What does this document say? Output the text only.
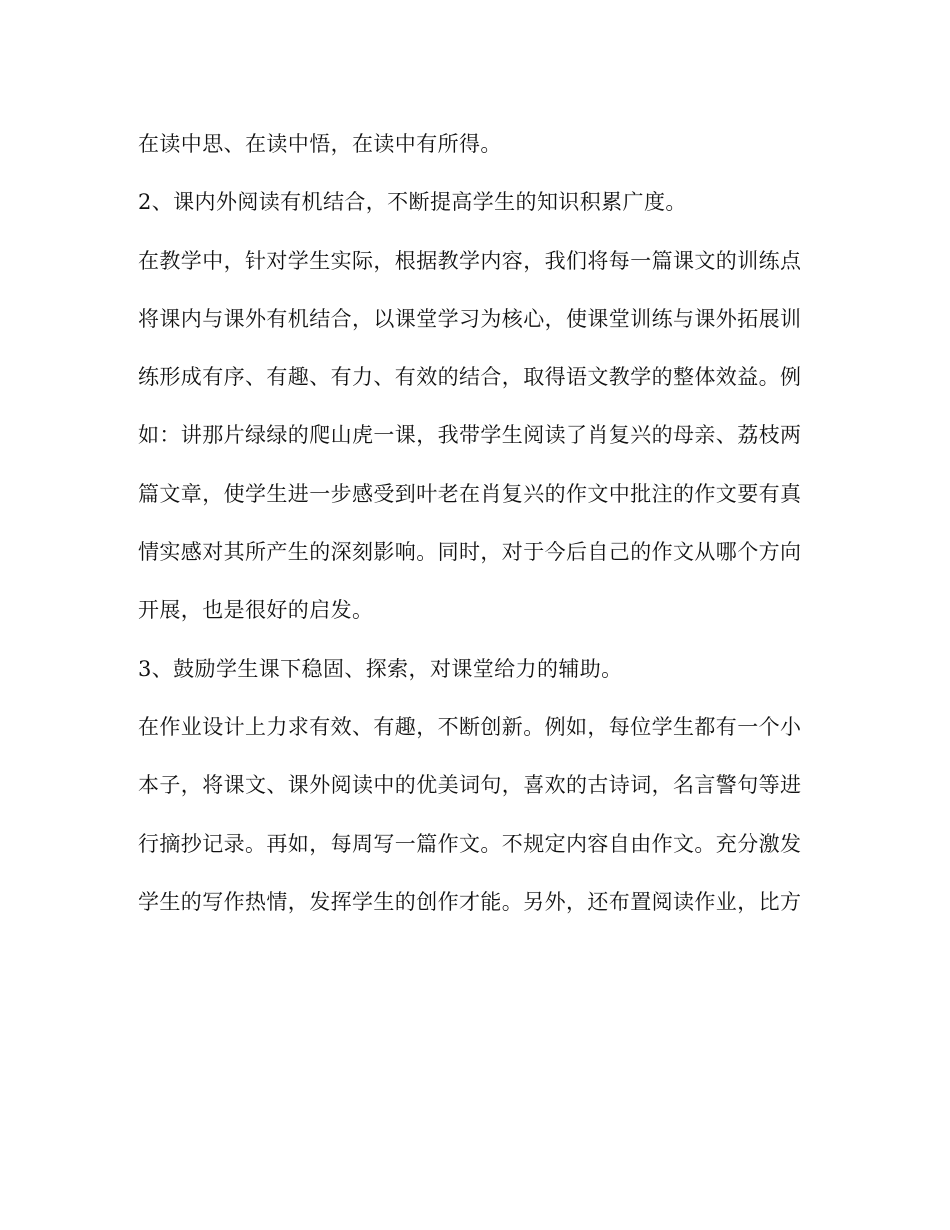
在读中思、在读中悟，在读中有所得。
2、课内外阅读有机结合，不断提高学生的知识积累广度。
在教学中，针对学生实际，根据教学内容，我们将每一篇课文的训练点
将课内与课外有机结合，以课堂学习为核心，使课堂训练与课外拓展训
练形成有序、有趣、有力、有效的结合，取得语文教学的整体效益。例
如：讲那片绿绿的爬山虎一课，我带学生阅读了肖复兴的母亲、荔枝两
篇文章，使学生进一步感受到叶老在肖复兴的作文中批注的作文要有真
情实感对其所产生的深刻影响。同时，对于今后自己的作文从哪个方向
开展，也是很好的启发。
3、鼓励学生课下稳固、探索，对课堂给力的辅助。
在作业设计上力求有效、有趣，不断创新。例如，每位学生都有一个小
本子，将课文、课外阅读中的优美词句，喜欢的古诗词，名言警句等进
行摘抄记录。再如，每周写一篇作文。不规定内容自由作文。充分激发
学生的写作热情，发挥学生的创作才能。另外，还布置阅读作业，比方
